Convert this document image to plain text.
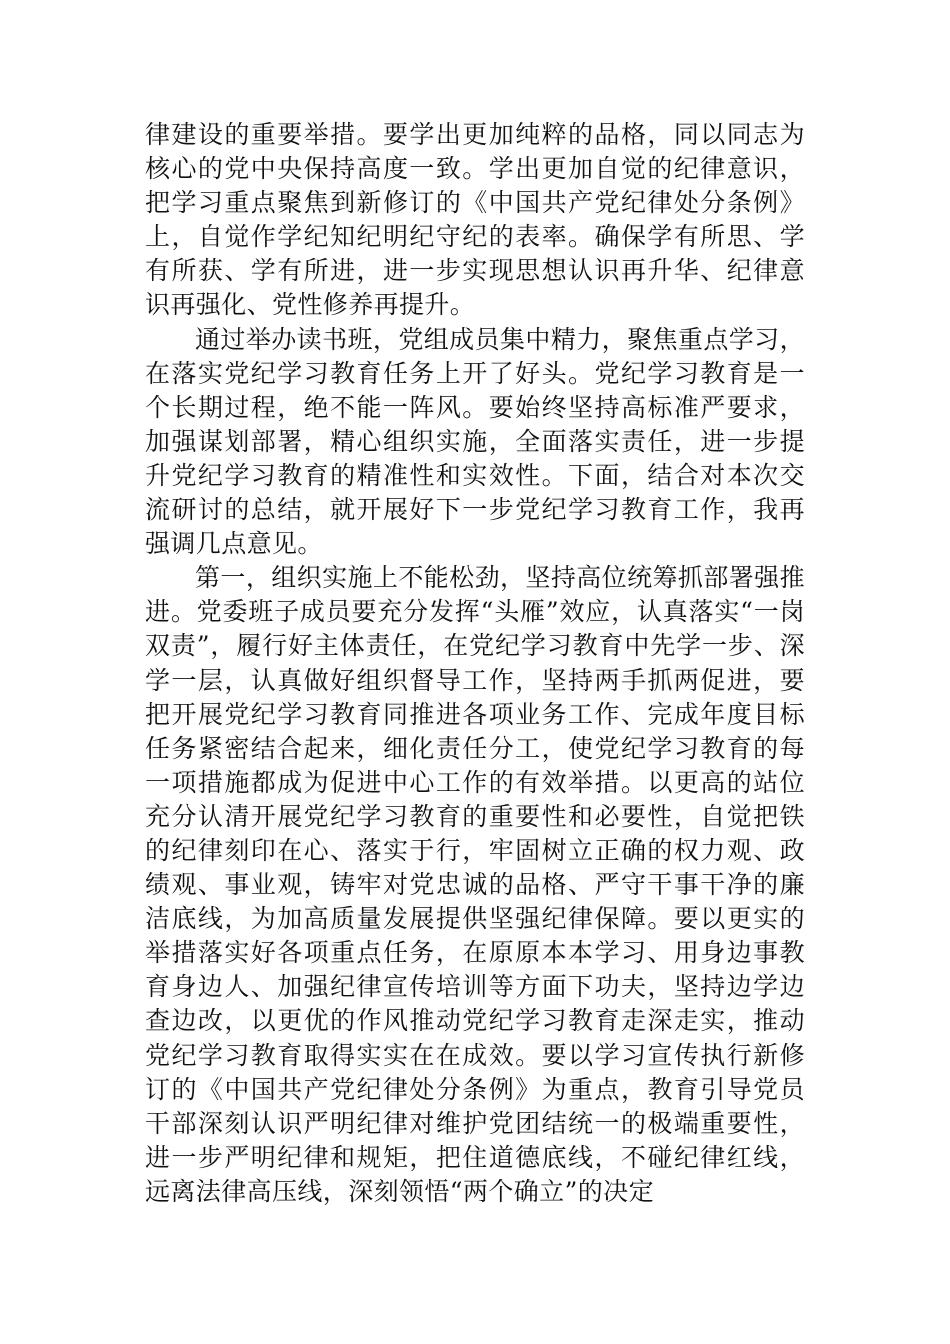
律建设的重要举措。要学出更加纯粹的品格，同以同志为核心的党中央保持高度一致。学出更加自觉的纪律意识，把学习重点聚焦到新修订的《中国共产党纪律处分条例》上，自觉作学纪知纪明纪守纪的表率。确保学有所思、学有所获、学有所进，进一步实现思想认识再升华、纪律意识再强化、党性修养再提升。

通过举办读书班，党组成员集中精力，聚焦重点学习，在落实党纪学习教育任务上开了好头。党纪学习教育是一个长期过程，绝不能一阵风。要始终坚持高标准严要求，加强谋划部署，精心组织实施，全面落实责任，进一步提升党纪学习教育的精准性和实效性。下面，结合对本次交流研讨的总结，就开展好下一步党纪学习教育工作，我再强调几点意见。

第一，组织实施上不能松劲，坚持高位统筹抓部署强推进。党委班子成员要充分发挥“头雁”效应，认真落实“一岗双责”，履行好主体责任，在党纪学习教育中先学一步、深学一层，认真做好组织督导工作，坚持两手抓两促进，要把开展党纪学习教育同推进各项业务工作、完成年度目标任务紧密结合起来，细化责任分工，使党纪学习教育的每一项措施都成为促进中心工作的有效举措。以更高的站位充分认清开展党纪学习教育的重要性和必要性，自觉把铁的纪律刻印在心、落实于行，牢固树立正确的权力观、政绩观、事业观，铸牢对党忠诚的品格、严守干事干净的廉洁底线，为加高质量发展提供坚强纪律保障。要以更实的举措落实好各项重点任务，在原原本本学习、用身边事教育身边人、加强纪律宣传培训等方面下功夫，坚持边学边查边改，以更优的作风推动党纪学习教育走深走实，推动党纪学习教育取得实实在在成效。要以学习宣传执行新修订的《中国共产党纪律处分条例》为重点，教育引导党员干部深刻认识严明纪律对维护党团结统一的极端重要性，进一步严明纪律和规矩，把住道德底线，不碰纪律红线，远离法律高压线，深刻领悟“两个确立”的决定
